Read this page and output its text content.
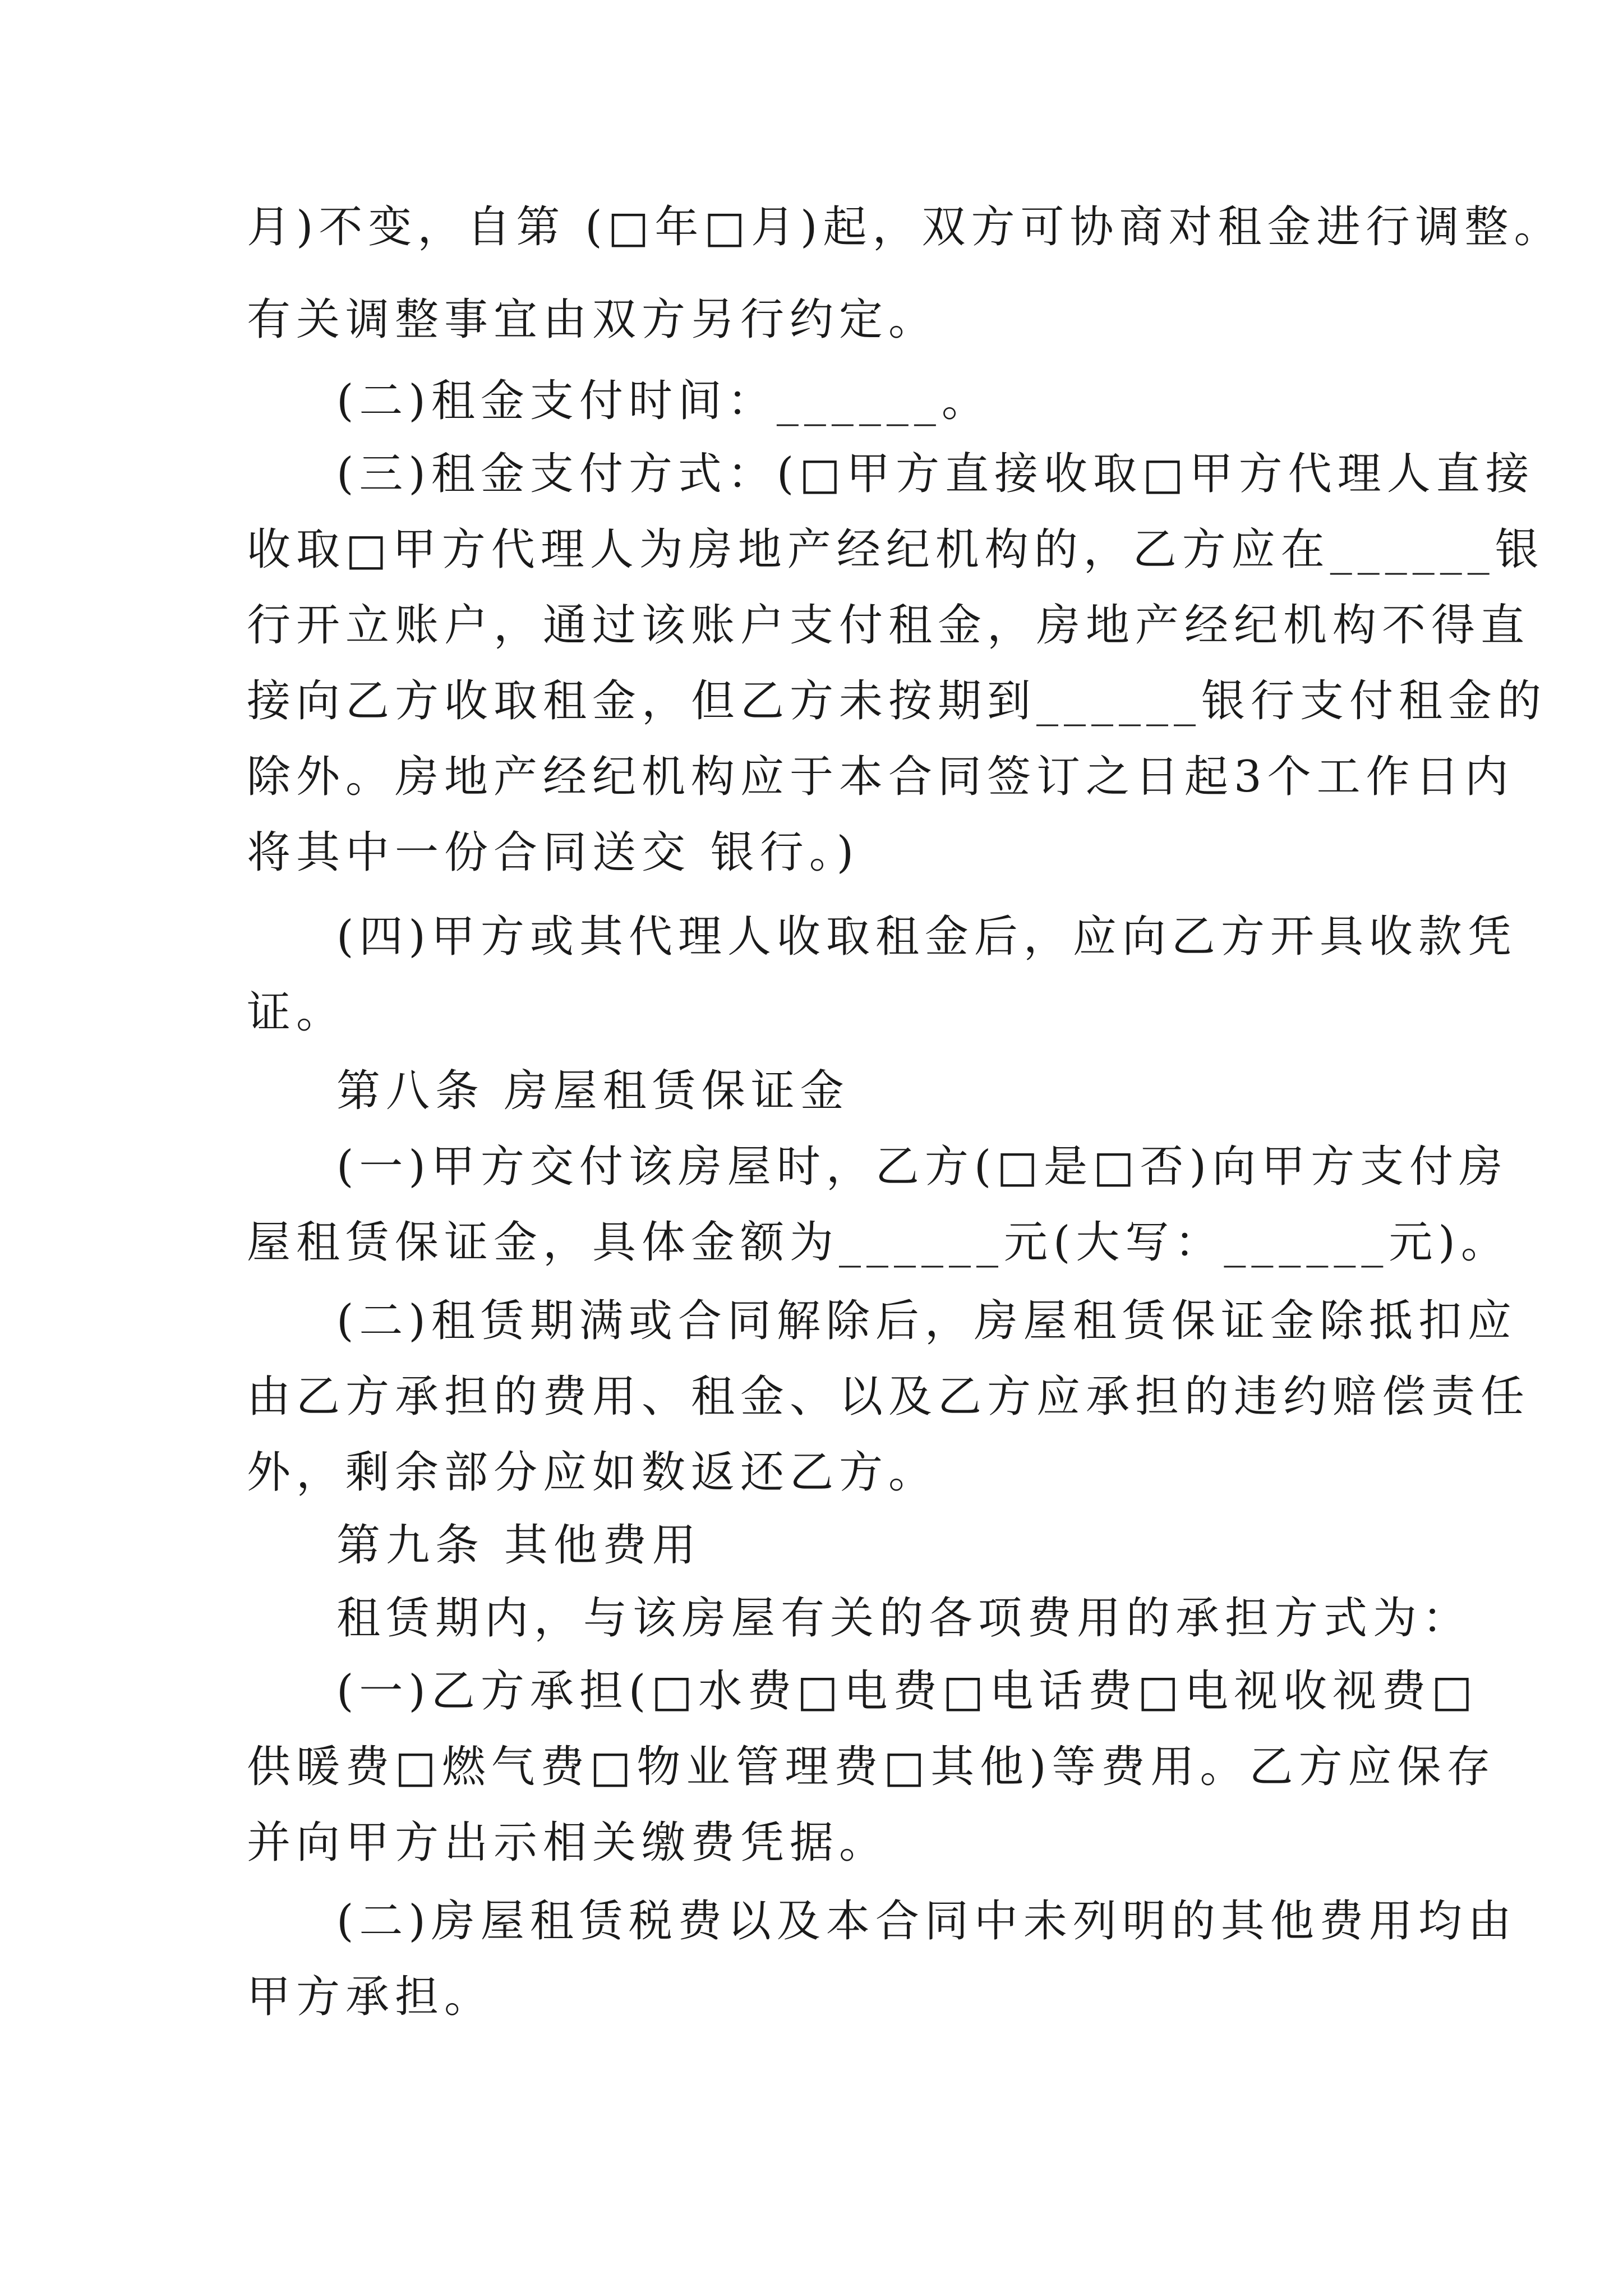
月)不变，自第 (□年□月)起，双方可协商对租金进行调整。
有关调整事宜由双方另行约定。
(二)租金支付时间：______。
(三)租金支付方式：(□甲方直接收取□甲方代理人直接
收取□甲方代理人为房地产经纪机构的，乙方应在______银
行开立账户，通过该账户支付租金，房地产经纪机构不得直
接向乙方收取租金，但乙方未按期到______银行支付租金的
除外。房地产经纪机构应于本合同签订之日起3个工作日内
将其中一份合同送交 银行。)
(四)甲方或其代理人收取租金后，应向乙方开具收款凭
证。
第八条 房屋租赁保证金
(一)甲方交付该房屋时，乙方(□是□否)向甲方支付房
屋租赁保证金，具体金额为______元(大写：______元)。
(二)租赁期满或合同解除后，房屋租赁保证金除抵扣应
由乙方承担的费用、租金、以及乙方应承担的违约赔偿责任
外，剩余部分应如数返还乙方。
第九条 其他费用
租赁期内，与该房屋有关的各项费用的承担方式为：
(一)乙方承担(□水费□电费□电话费□电视收视费□
供暖费□燃气费□物业管理费□其他)等费用。乙方应保存
并向甲方出示相关缴费凭据。
(二)房屋租赁税费以及本合同中未列明的其他费用均由
甲方承担。
